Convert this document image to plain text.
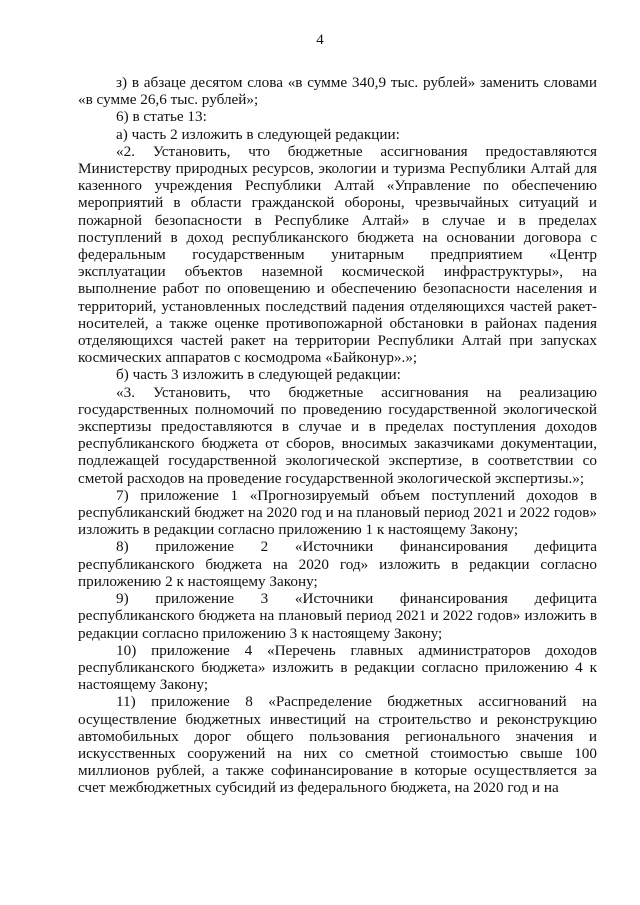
4

з) в абзаце десятом слова «в сумме 340,9 тыс. рублей» заменить словами «в сумме 26,6 тыс. рублей»;

6) в статье 13:

а) часть 2 изложить в следующей редакции:

«2. Установить, что бюджетные ассигнования предоставляются Министерству природных ресурсов, экологии и туризма Республики Алтай для казенного учреждения Республики Алтай «Управление по обеспечению мероприятий в области гражданской обороны, чрезвычайных ситуаций и пожарной безопасности в Республике Алтай» в случае и в пределах поступлений в доход республиканского бюджета на основании договора с федеральным государственным унитарным предприятием «Центр эксплуатации объектов наземной космической инфраструктуры», на выполнение работ по оповещению и обеспечению безопасности населения и территорий, установленных последствий падения отделяющихся частей ракет-носителей, а также оценке противопожарной обстановки в районах падения отделяющихся частей ракет на территории Республики Алтай при запусках космических аппаратов с космодрома «Байконур».»;

б) часть 3 изложить в следующей редакции:

«3. Установить, что бюджетные ассигнования на реализацию государственных полномочий по проведению государственной экологической экспертизы предоставляются в случае и в пределах поступления доходов республиканского бюджета от сборов, вносимых заказчиками документации, подлежащей государственной экологической экспертизе, в соответствии со сметой расходов на проведение государственной экологической экспертизы.»;

7) приложение 1 «Прогнозируемый объем поступлений доходов в республиканский бюджет на 2020 год и на плановый период 2021 и 2022 годов» изложить в редакции согласно приложению 1 к настоящему Закону;

8) приложение 2 «Источники финансирования дефицита республиканского бюджета на 2020 год» изложить в редакции согласно приложению 2 к настоящему Закону;

9) приложение 3 «Источники финансирования дефицита республиканского бюджета на плановый период 2021 и 2022 годов» изложить в редакции согласно приложению 3 к настоящему Закону;

10) приложение 4 «Перечень главных администраторов доходов республиканского бюджета» изложить в редакции согласно приложению 4 к настоящему Закону;

11) приложение 8 «Распределение бюджетных ассигнований на осуществление бюджетных инвестиций на строительство и реконструкцию автомобильных дорог общего пользования регионального значения и искусственных сооружений на них со сметной стоимостью свыше 100 миллионов рублей, а также софинансирование в которые осуществляется за счет межбюджетных субсидий из федерального бюджета, на 2020 год и на
